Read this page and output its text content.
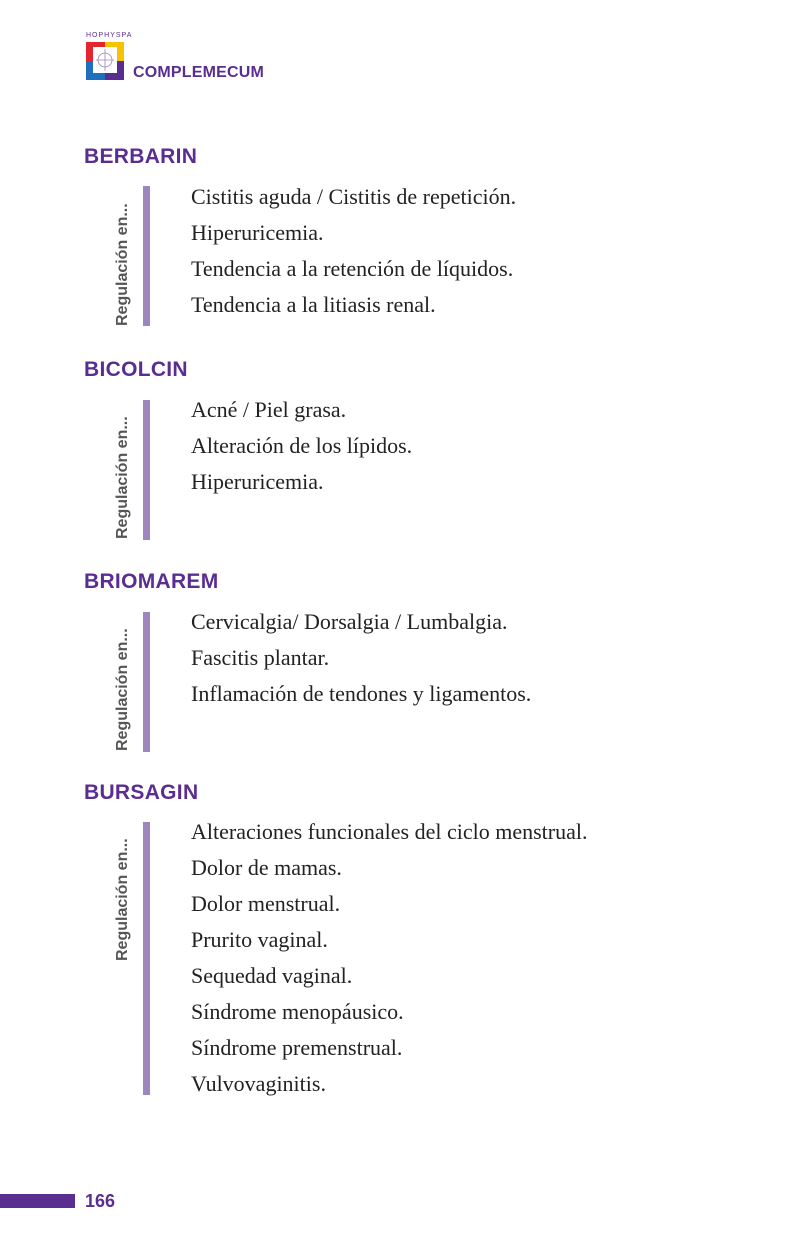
HOPHYSPA
COMPLEMECUM
BERBARIN
Regulación en...
Cistitis aguda / Cistitis de repetición.
Hiperuricemia.
Tendencia a la retención de líquidos.
Tendencia a la litiasis renal.
BICOLCIN
Regulación en...
Acné / Piel grasa.
Alteración de los lípidos.
Hiperuricemia.
BRIOMAREM
Regulación en...
Cervicalgia/ Dorsalgia / Lumbalgia.
Fascitis plantar.
Inflamación de tendones y ligamentos.
BURSAGIN
Regulación en...
Alteraciones funcionales del ciclo menstrual.
Dolor de mamas.
Dolor menstrual.
Prurito vaginal.
Sequedad vaginal.
Síndrome menopáusico.
Síndrome premenstrual.
Vulvovaginitis.
166
